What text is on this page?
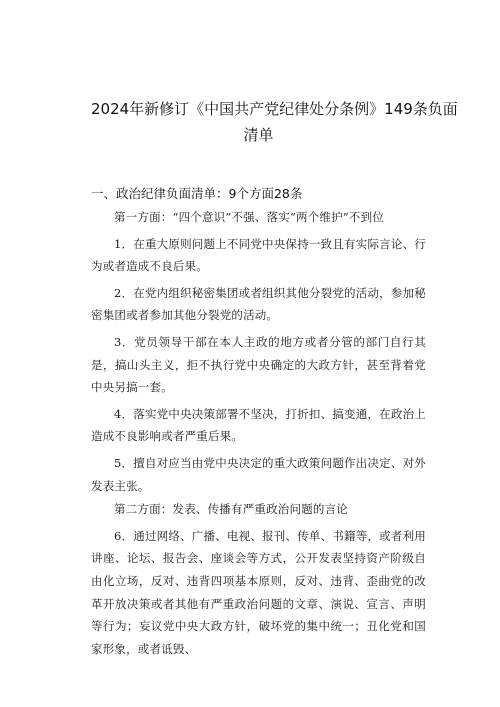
2024年新修订《中国共产党纪律处分条例》149条负面
清单
一、政治纪律负面清单：9个方面28条

第一方面：“四个意识”不强、落实“两个维护”不到位

1．在重大原则问题上不同党中央保持一致且有实际言论、行为或者造成不良后果。

2．在党内组织秘密集团或者组织其他分裂党的活动，参加秘密集团或者参加其他分裂党的活动。

3．党员领导干部在本人主政的地方或者分管的部门自行其是，搞山头主义，拒不执行党中央确定的大政方针，甚至背着党中央另搞一套。

4．落实党中央决策部署不坚决，打折扣、搞变通，在政治上造成不良影响或者严重后果。

5．擅自对应当由党中央决定的重大政策问题作出决定、对外发表主张。

第二方面：发表、传播有严重政治问题的言论

6．通过网络、广播、电视、报刊、传单、书籍等，或者利用讲座、论坛、报告会、座谈会等方式，公开发表坚持资产阶级自由化立场，反对、违背四项基本原则，反对、违背、歪曲党的改革开放决策或者其他有严重政治问题的文章、演说、宣言、声明等行为；妄议党中央大政方针，破坏党的集中统一；丑化党和国家形象，或者诋毁、
